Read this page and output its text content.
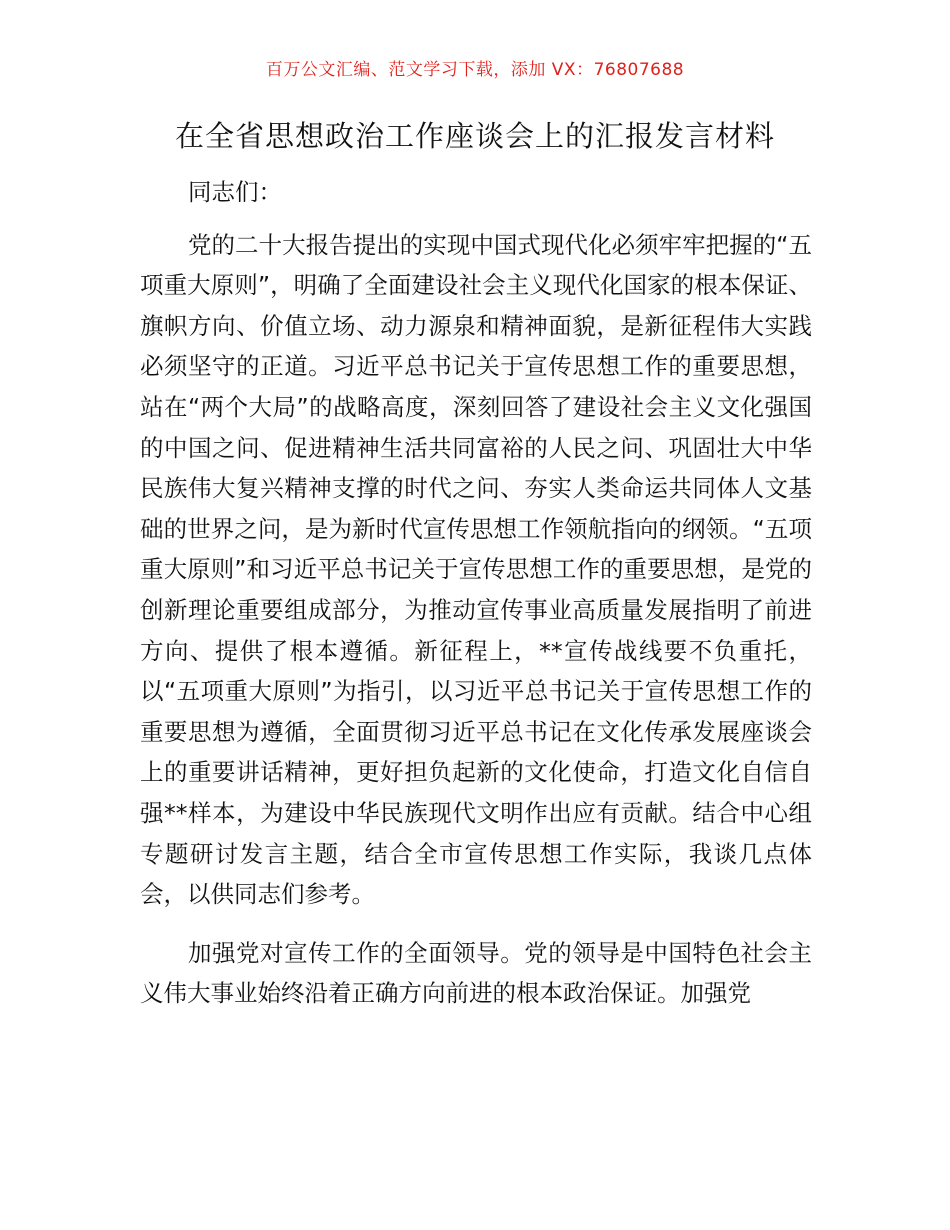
百万公文汇编、范文学习下载，添加 VX：76807688
在全省思想政治工作座谈会上的汇报发言材料

同志们：

党的二十大报告提出的实现中国式现代化必须牢牢把握的“五项重大原则”，明确了全面建设社会主义现代化国家的根本保证、旗帜方向、价值立场、动力源泉和精神面貌，是新征程伟大实践必须坚守的正道。习近平总书记关于宣传思想工作的重要思想，站在“两个大局”的战略高度，深刻回答了建设社会主义文化强国的中国之问、促进精神生活共同富裕的人民之问、巩固壮大中华民族伟大复兴精神支撑的时代之问、夯实人类命运共同体人文基础的世界之问，是为新时代宣传思想工作领航指向的纲领。“五项重大原则”和习近平总书记关于宣传思想工作的重要思想，是党的创新理论重要组成部分，为推动宣传事业高质量发展指明了前进方向、提供了根本遵循。新征程上，**宣传战线要不负重托，以“五项重大原则”为指引，以习近平总书记关于宣传思想工作的重要思想为遵循，全面贯彻习近平总书记在文化传承发展座谈会上的重要讲话精神，更好担负起新的文化使命，打造文化自信自强**样本，为建设中华民族现代文明作出应有贡献。结合中心组专题研讨发言主题，结合全市宣传思想工作实际，我谈几点体会，以供同志们参考。

加强党对宣传工作的全面领导。党的领导是中国特色社会主义伟大事业始终沿着正确方向前进的根本政治保证。加强党
